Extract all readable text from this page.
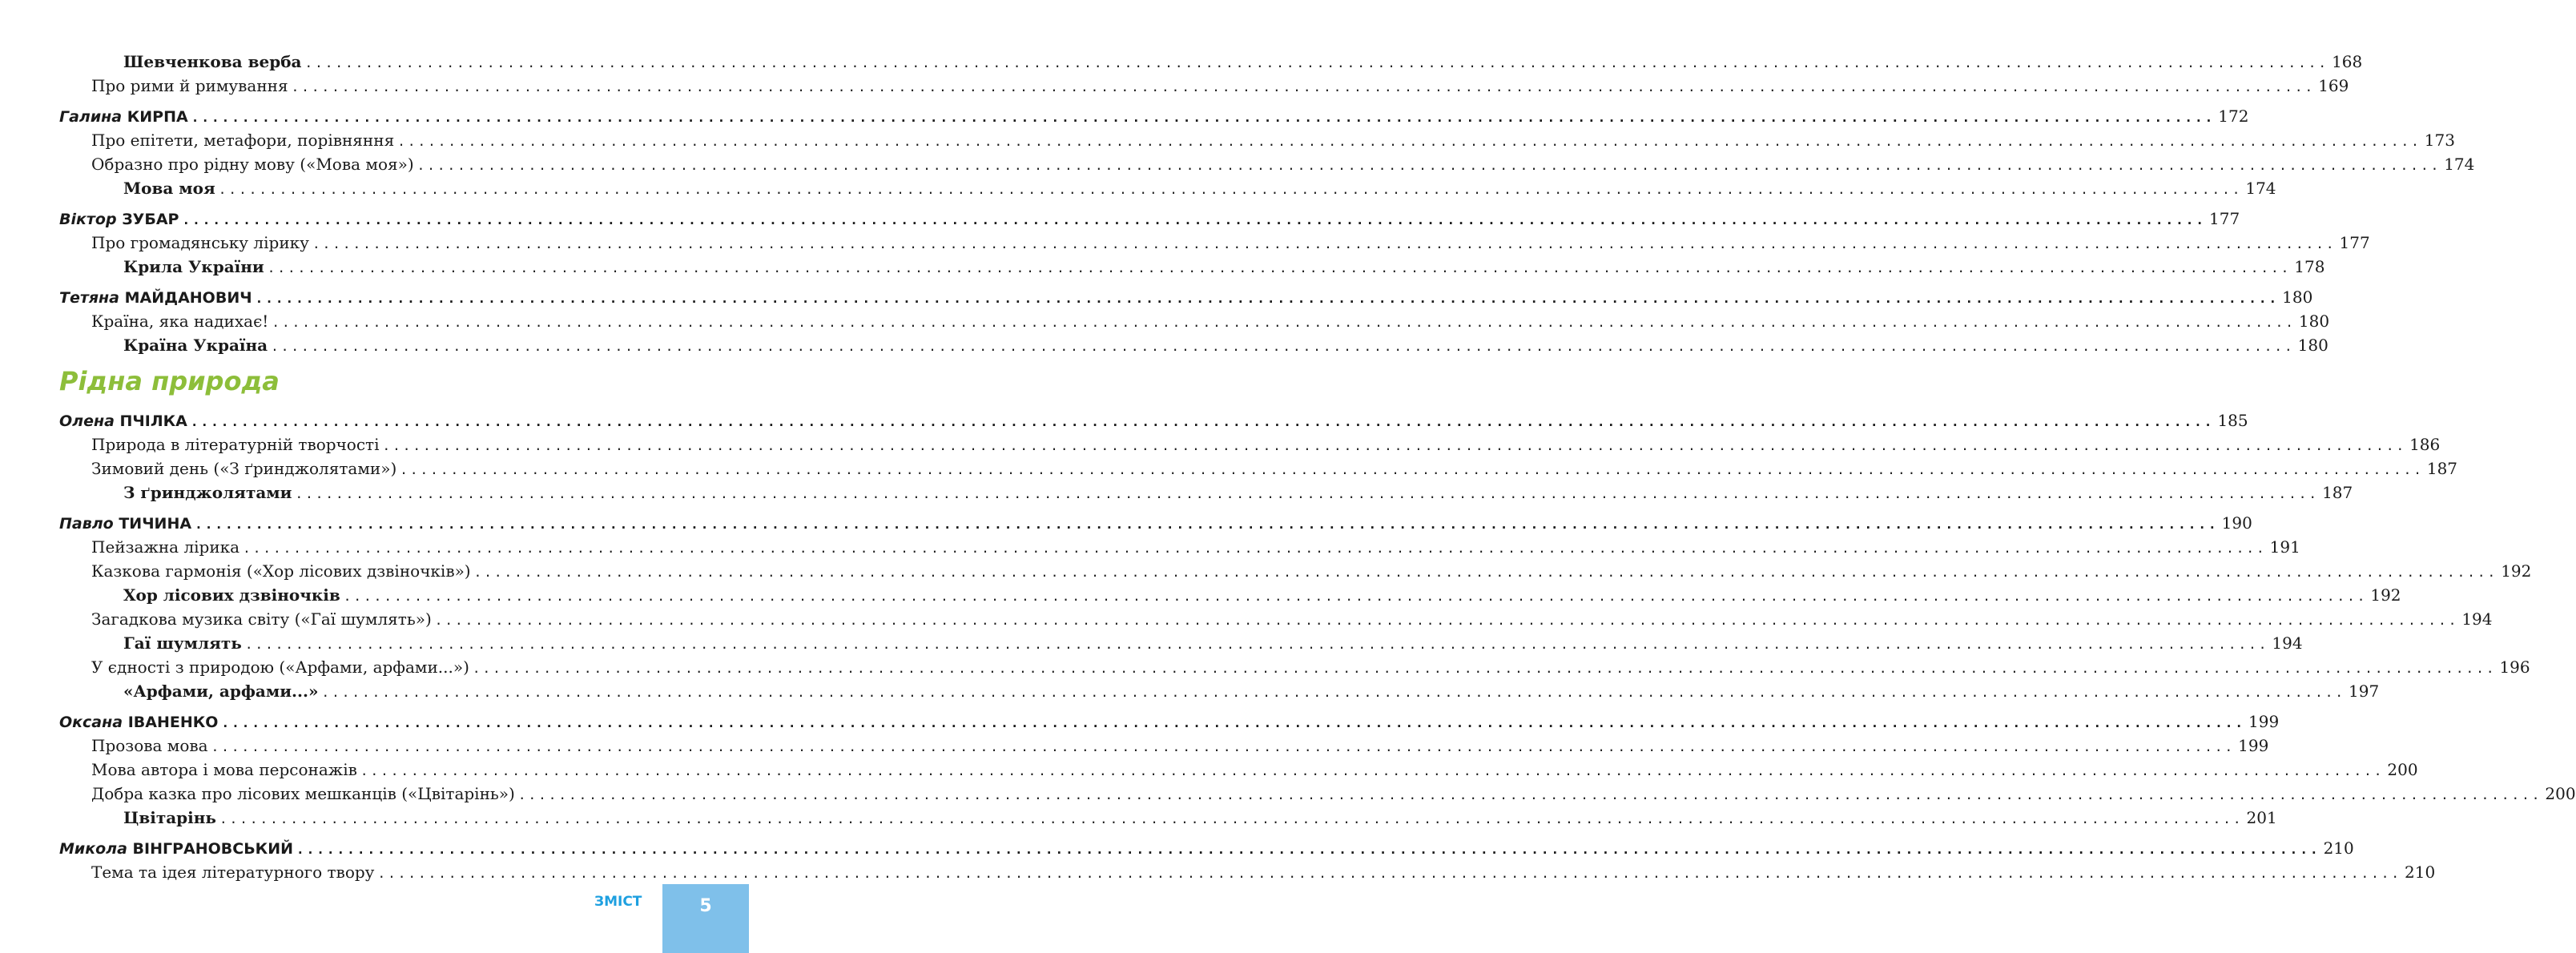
Шевченкова верба ........................................................................................................................................................................................................ 168
Про рими й римування ........................................................................................................................................................................................................ 169
Галина КИРПА ........................................................................................................................................................................................................ 172
Про епітети, метафори, порівняння ........................................................................................................................................................................................................ 173
Образно про рідну мову («Мова моя») ........................................................................................................................................................................................................ 174
Мова моя ........................................................................................................................................................................................................ 174
Віктор ЗУБАР ........................................................................................................................................................................................................ 177
Про громадянську лірику ........................................................................................................................................................................................................ 177
Крила України ........................................................................................................................................................................................................ 178
Тетяна МАЙДАНОВИЧ ........................................................................................................................................................................................................ 180
Країна, яка надихає! ........................................................................................................................................................................................................ 180
Країна Україна ........................................................................................................................................................................................................ 180
Рідна природа
Олена ПЧІЛКА ........................................................................................................................................................................................................ 185
Природа в літературній творчості ........................................................................................................................................................................................................ 186
Зимовий день («З ґринджолятами») ........................................................................................................................................................................................................ 187
З ґринджолятами ........................................................................................................................................................................................................ 187
Павло ТИЧИНА ........................................................................................................................................................................................................ 190
Пейзажна лірика ........................................................................................................................................................................................................ 191
Казкова гармонія («Хор лісових дзвіночків») ........................................................................................................................................................................................................ 192
Хор лісових дзвіночків ........................................................................................................................................................................................................ 192
Загадкова музика світу («Гаї шумлять») ........................................................................................................................................................................................................ 194
Гаї шумлять ........................................................................................................................................................................................................ 194
У єдності з природою («Арфами, арфами...») ........................................................................................................................................................................................................ 196
«Арфами, арфами...» ........................................................................................................................................................................................................ 197
Оксана ІВАНЕНКО ........................................................................................................................................................................................................ 199
Прозова мова ........................................................................................................................................................................................................ 199
Мова автора і мова персонажів ........................................................................................................................................................................................................ 200
Добра казка про лісових мешканців («Цвітарінь») ........................................................................................................................................................................................................ 200
Цвітарінь ........................................................................................................................................................................................................ 201
Микола ВІНГРАНОВСЬКИЙ ........................................................................................................................................................................................................ 210
Тема та ідея літературного твору ........................................................................................................................................................................................................ 210
ЗМІСТ	5
